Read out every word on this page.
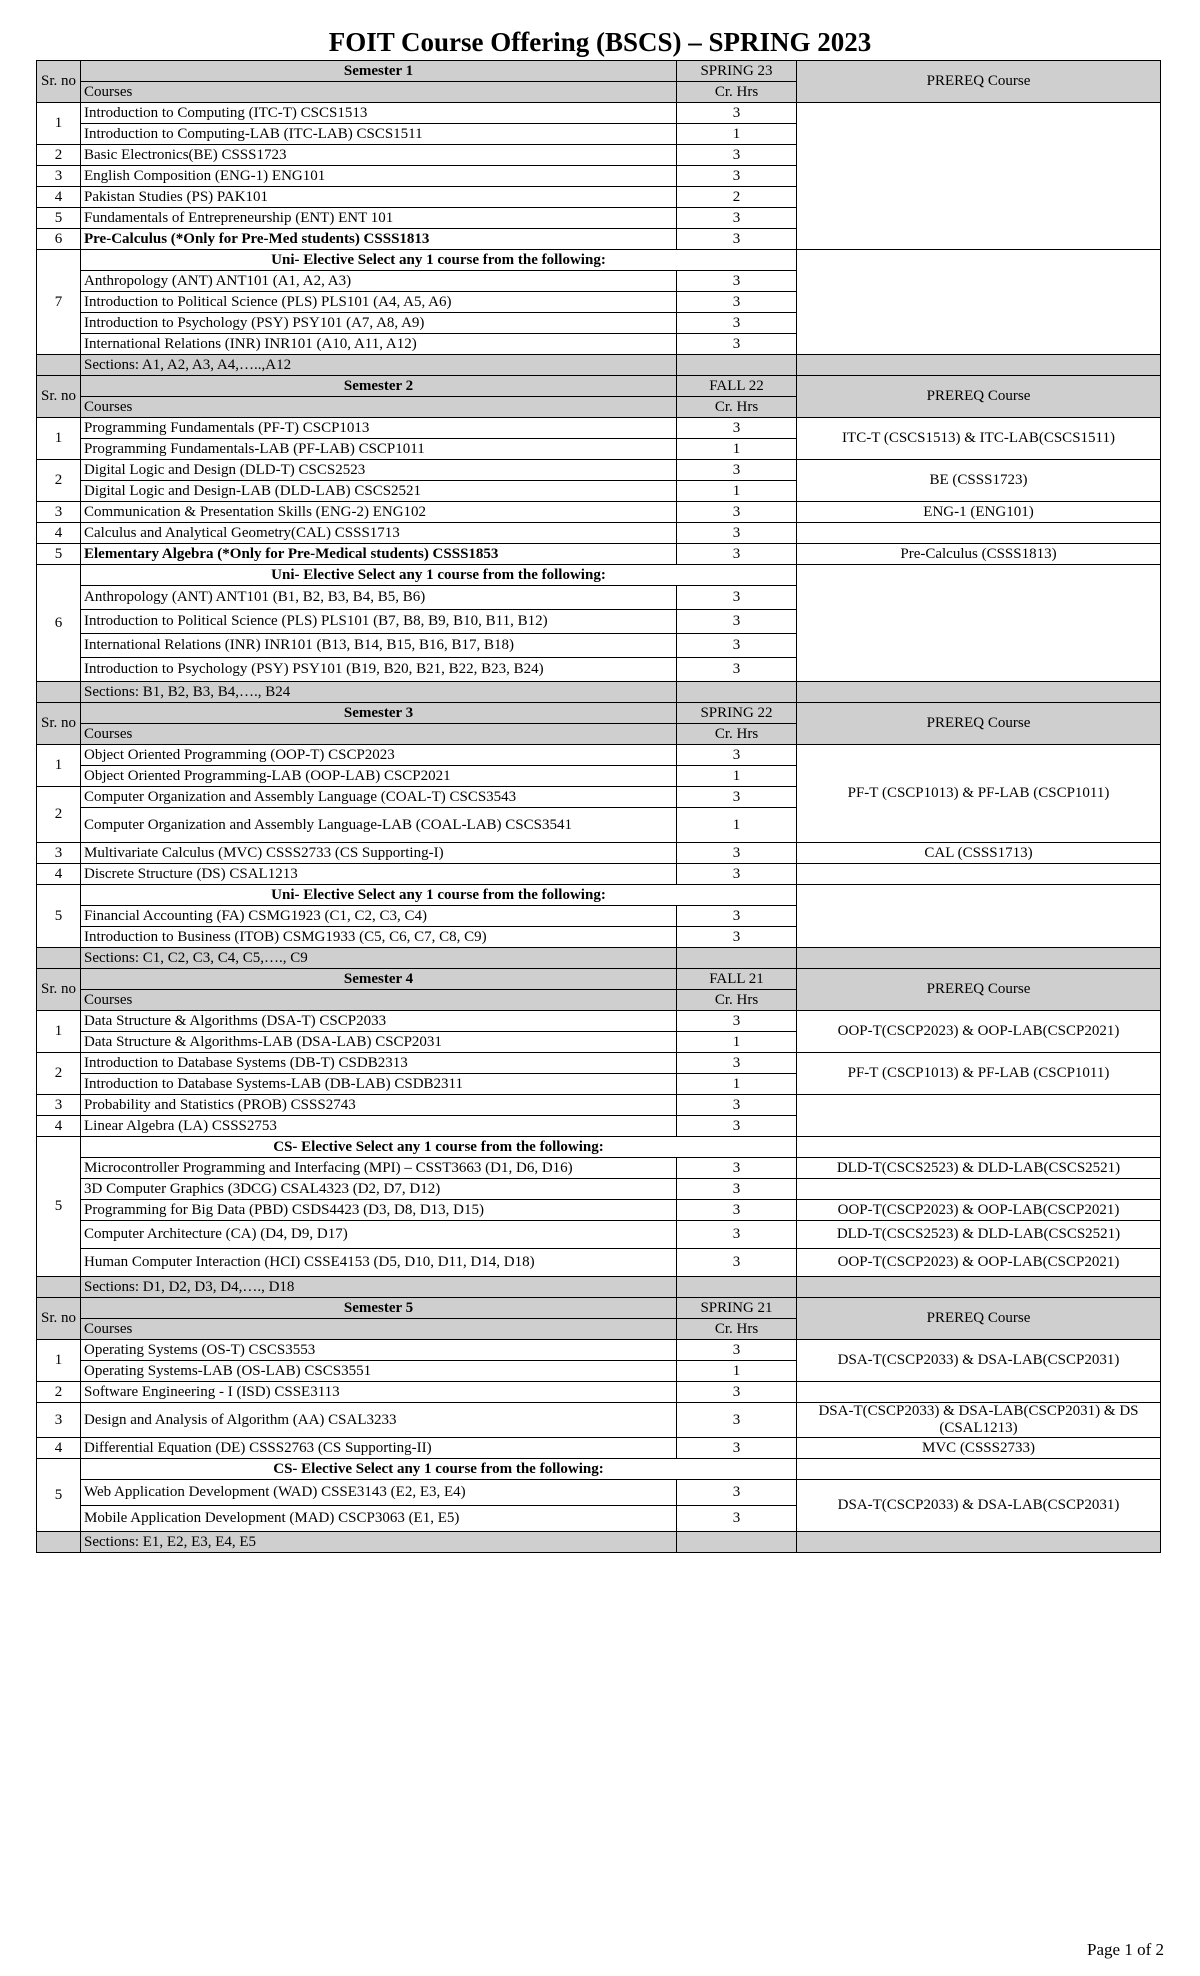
FOIT Course Offering (BSCS) – SPRING 2023
Sr. no	Semester 1	SPRING 23	PREREQ Course
	Courses	Cr. Hrs	
1	Introduction to Computing (ITC-T) CSCS1513	3	
	Introduction to Computing-LAB (ITC-LAB) CSCS1511	1	
2	Basic Electronics(BE) CSSS1723	3	
3	English Composition (ENG-1) ENG101	3	
4	Pakistan Studies (PS) PAK101	2	
5	Fundamentals of Entrepreneurship (ENT) ENT 101	3	
6	Pre-Calculus (*Only for Pre-Med students) CSSS1813	3	
7	Uni- Elective Select any 1 course from the following:		
	Anthropology (ANT) ANT101 (A1, A2, A3)	3	
	Introduction to Political Science (PLS) PLS101 (A4, A5, A6)	3	
	Introduction to Psychology (PSY) PSY101 (A7, A8, A9)	3	
	International Relations (INR) INR101 (A10, A11, A12)	3	
	Sections: A1, A2, A3, A4,…..,A12		
Sr. no	Semester 2	FALL 22	PREREQ Course
	Courses	Cr. Hrs	
1	Programming Fundamentals (PF-T) CSCP1013	3	ITC-T (CSCS1513) & ITC-LAB(CSCS1511)
	Programming Fundamentals-LAB (PF-LAB) CSCP1011	1	
2	Digital Logic and Design (DLD-T) CSCS2523	3	BE (CSSS1723)
	Digital Logic and Design-LAB (DLD-LAB) CSCS2521	1	
3	Communication & Presentation Skills (ENG-2) ENG102	3	ENG-1 (ENG101)
4	Calculus and Analytical Geometry(CAL) CSSS1713	3	
5	Elementary Algebra (*Only for Pre-Medical students) CSSS1853	3	Pre-Calculus (CSSS1813)
6	Uni- Elective Select any 1 course from the following:		
	Anthropology (ANT) ANT101 (B1, B2, B3, B4, B5, B6)	3	
	Introduction to Political Science (PLS) PLS101 (B7, B8, B9, B10, B11, B12)	3	
	International Relations (INR) INR101 (B13, B14, B15, B16, B17, B18)	3	
	Introduction to Psychology (PSY) PSY101 (B19, B20, B21, B22, B23, B24)	3	
	Sections: B1, B2, B3, B4,…., B24		
Sr. no	Semester 3	SPRING 22	PREREQ Course
	Courses	Cr. Hrs	
1	Object Oriented Programming (OOP-T) CSCP2023	3	PF-T (CSCP1013) & PF-LAB (CSCP1011)
	Object Oriented Programming-LAB (OOP-LAB) CSCP2021	1	
2	Computer Organization and Assembly Language (COAL-T) CSCS3543	3	
	Computer Organization and Assembly Language-LAB (COAL-LAB) CSCS3541	1	
3	Multivariate Calculus (MVC) CSSS2733 (CS Supporting-I)	3	CAL (CSSS1713)
4	Discrete Structure (DS) CSAL1213	3	
5	Uni- Elective Select any 1 course from the following:		
	Financial Accounting (FA) CSMG1923 (C1, C2, C3, C4)	3	
	Introduction to Business (ITOB) CSMG1933 (C5, C6, C7, C8, C9)	3	
	Sections: C1, C2, C3, C4, C5,…., C9		
Sr. no	Semester 4	FALL 21	PREREQ Course
	Courses	Cr. Hrs	
1	Data Structure & Algorithms (DSA-T) CSCP2033	3	OOP-T(CSCP2023) & OOP-LAB(CSCP2021)
	Data Structure & Algorithms-LAB (DSA-LAB) CSCP2031	1	
2	Introduction to Database Systems (DB-T) CSDB2313	3	PF-T (CSCP1013) & PF-LAB (CSCP1011)
	Introduction to Database Systems-LAB (DB-LAB) CSDB2311	1	
3	Probability and Statistics (PROB) CSSS2743	3	
4	Linear Algebra (LA) CSSS2753	3	
5	CS- Elective Select any 1 course from the following:		
	Microcontroller Programming and Interfacing (MPI) – CSST3663 (D1, D6, D16)	3	DLD-T(CSCS2523) & DLD-LAB(CSCS2521)
	3D Computer Graphics (3DCG) CSAL4323 (D2, D7, D12)	3	
	Programming for Big Data (PBD) CSDS4423 (D3, D8, D13, D15)	3	OOP-T(CSCP2023) & OOP-LAB(CSCP2021)
	Computer Architecture (CA) (D4, D9, D17)	3	DLD-T(CSCS2523) & DLD-LAB(CSCS2521)
	Human Computer Interaction (HCI) CSSE4153 (D5, D10, D11, D14, D18)	3	OOP-T(CSCP2023) & OOP-LAB(CSCP2021)
	Sections: D1, D2, D3, D4,…., D18		
Sr. no	Semester 5	SPRING 21	PREREQ Course
	Courses	Cr. Hrs	
1	Operating Systems (OS-T) CSCS3553	3	DSA-T(CSCP2033) & DSA-LAB(CSCP2031)
	Operating Systems-LAB (OS-LAB) CSCS3551	1	
2	Software Engineering - I (ISD) CSSE3113	3	
3	Design and Analysis of Algorithm (AA) CSAL3233	3	DSA-T(CSCP2033) & DSA-LAB(CSCP2031) & DS (CSAL1213)
4	Differential Equation (DE) CSSS2763 (CS Supporting-II)	3	MVC (CSSS2733)
5	CS- Elective Select any 1 course from the following:		
	Web Application Development (WAD) CSSE3143 (E2, E3, E4)	3	DSA-T(CSCP2033) & DSA-LAB(CSCP2031)
	Mobile Application Development (MAD) CSCP3063 (E1, E5)	3	
	Sections: E1, E2, E3, E4, E5		
Page 1 of 2
